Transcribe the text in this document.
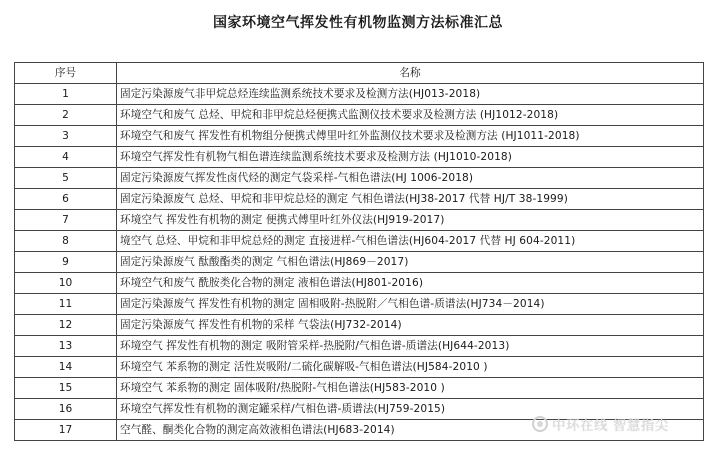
国家环境空气挥发性有机物监测方法标准汇总
序号	名称
1	固定污染源废气非甲烷总烃连续监测系统技术要求及检测方法(HJ013-2018)
2	环境空气和废气 总烃、甲烷和非甲烷总烃便携式监测仪技术要求及检测方法 (HJ1012-2018)
3	环境空气和废气 挥发性有机物组分便携式傅里叶红外监测仪技术要求及检测方法 (HJ1011-2018)
4	环境空气挥发性有机物气相色谱连续监测系统技术要求及检测方法 (HJ1010-2018)
5	固定污染源废气挥发性卤代烃的测定气袋采样-气相色谱法(HJ 1006-2018)
6	固定污染源废气 总烃、甲烷和非甲烷总烃的测定 气相色谱法(HJ38-2017 代替 HJ/T 38-1999)
7	环境空气 挥发性有机物的测定 便携式傅里叶红外仪法(HJ919-2017)
8	境空气 总烃、甲烷和非甲烷总烃的测定 直接进样-气相色谱法(HJ604-2017 代替 HJ 604-2011)
9	固定污染源废气 酞酸酯类的测定 气相色谱法(HJ869－2017)
10	环境空气和废气 酰胺类化合物的测定 液相色谱法(HJ801-2016)
11	固定污染源废气 挥发性有机物的测定 固相吸附-热脱附／气相色谱-质谱法(HJ734－2014)
12	固定污染源废气 挥发性有机物的采样 气袋法(HJ732-2014)
13	环境空气 挥发性有机物的测定 吸附管采样-热脱附/气相色谱-质谱法(HJ644-2013)
14	环境空气 苯系物的测定 活性炭吸附/二硫化碳解吸-气相色谱法(HJ584-2010 )
15	环境空气 苯系物的测定 固体吸附/热脱附-气相色谱法(HJ583-2010 )
16	环境空气挥发性有机物的测定罐采样/气相色谱-质谱法(HJ759-2015)
17	空气醛、酮类化合物的测定高效液相色谱法(HJ683-2014)	中环在线 智慧指尖
